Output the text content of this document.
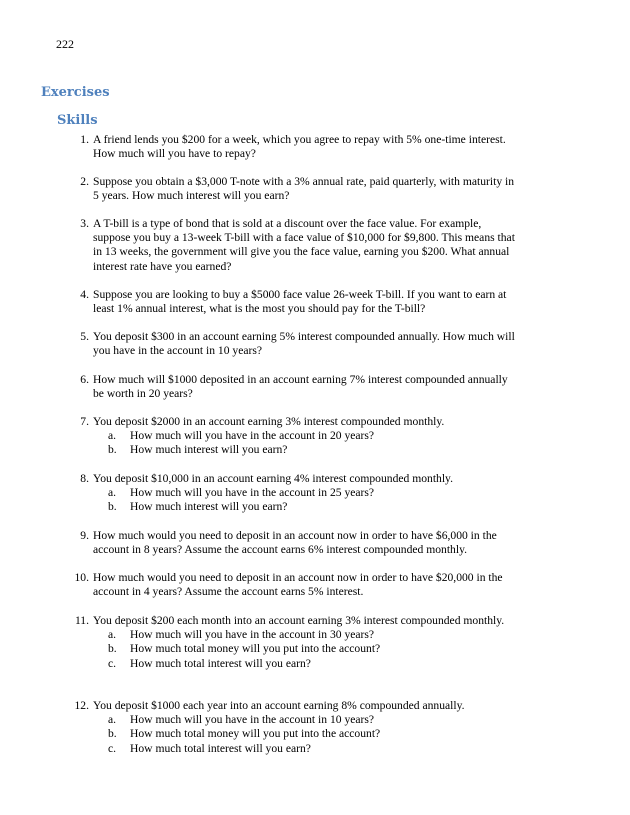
222
Exercises
Skills
1. A friend lends you $200 for a week, which you agree to repay with 5% one-time interest. How much will you have to repay?
2. Suppose you obtain a $3,000 T-note with a 3% annual rate, paid quarterly, with maturity in 5 years. How much interest will you earn?
3. A T-bill is a type of bond that is sold at a discount over the face value. For example, suppose you buy a 13-week T-bill with a face value of $10,000 for $9,800. This means that in 13 weeks, the government will give you the face value, earning you $200. What annual interest rate have you earned?
4. Suppose you are looking to buy a $5000 face value 26-week T-bill. If you want to earn at least 1% annual interest, what is the most you should pay for the T-bill?
5. You deposit $300 in an account earning 5% interest compounded annually. How much will you have in the account in 10 years?
6. How much will $1000 deposited in an account earning 7% interest compounded annually be worth in 20 years?
7. You deposit $2000 in an account earning 3% interest compounded monthly.
a. How much will you have in the account in 20 years?
b. How much interest will you earn?
8. You deposit $10,000 in an account earning 4% interest compounded monthly.
a. How much will you have in the account in 25 years?
b. How much interest will you earn?
9. How much would you need to deposit in an account now in order to have $6,000 in the account in 8 years? Assume the account earns 6% interest compounded monthly.
10. How much would you need to deposit in an account now in order to have $20,000 in the account in 4 years? Assume the account earns 5% interest.
11. You deposit $200 each month into an account earning 3% interest compounded monthly.
a. How much will you have in the account in 30 years?
b. How much total money will you put into the account?
c. How much total interest will you earn?
12. You deposit $1000 each year into an account earning 8% compounded annually.
a. How much will you have in the account in 10 years?
b. How much total money will you put into the account?
c. How much total interest will you earn?
